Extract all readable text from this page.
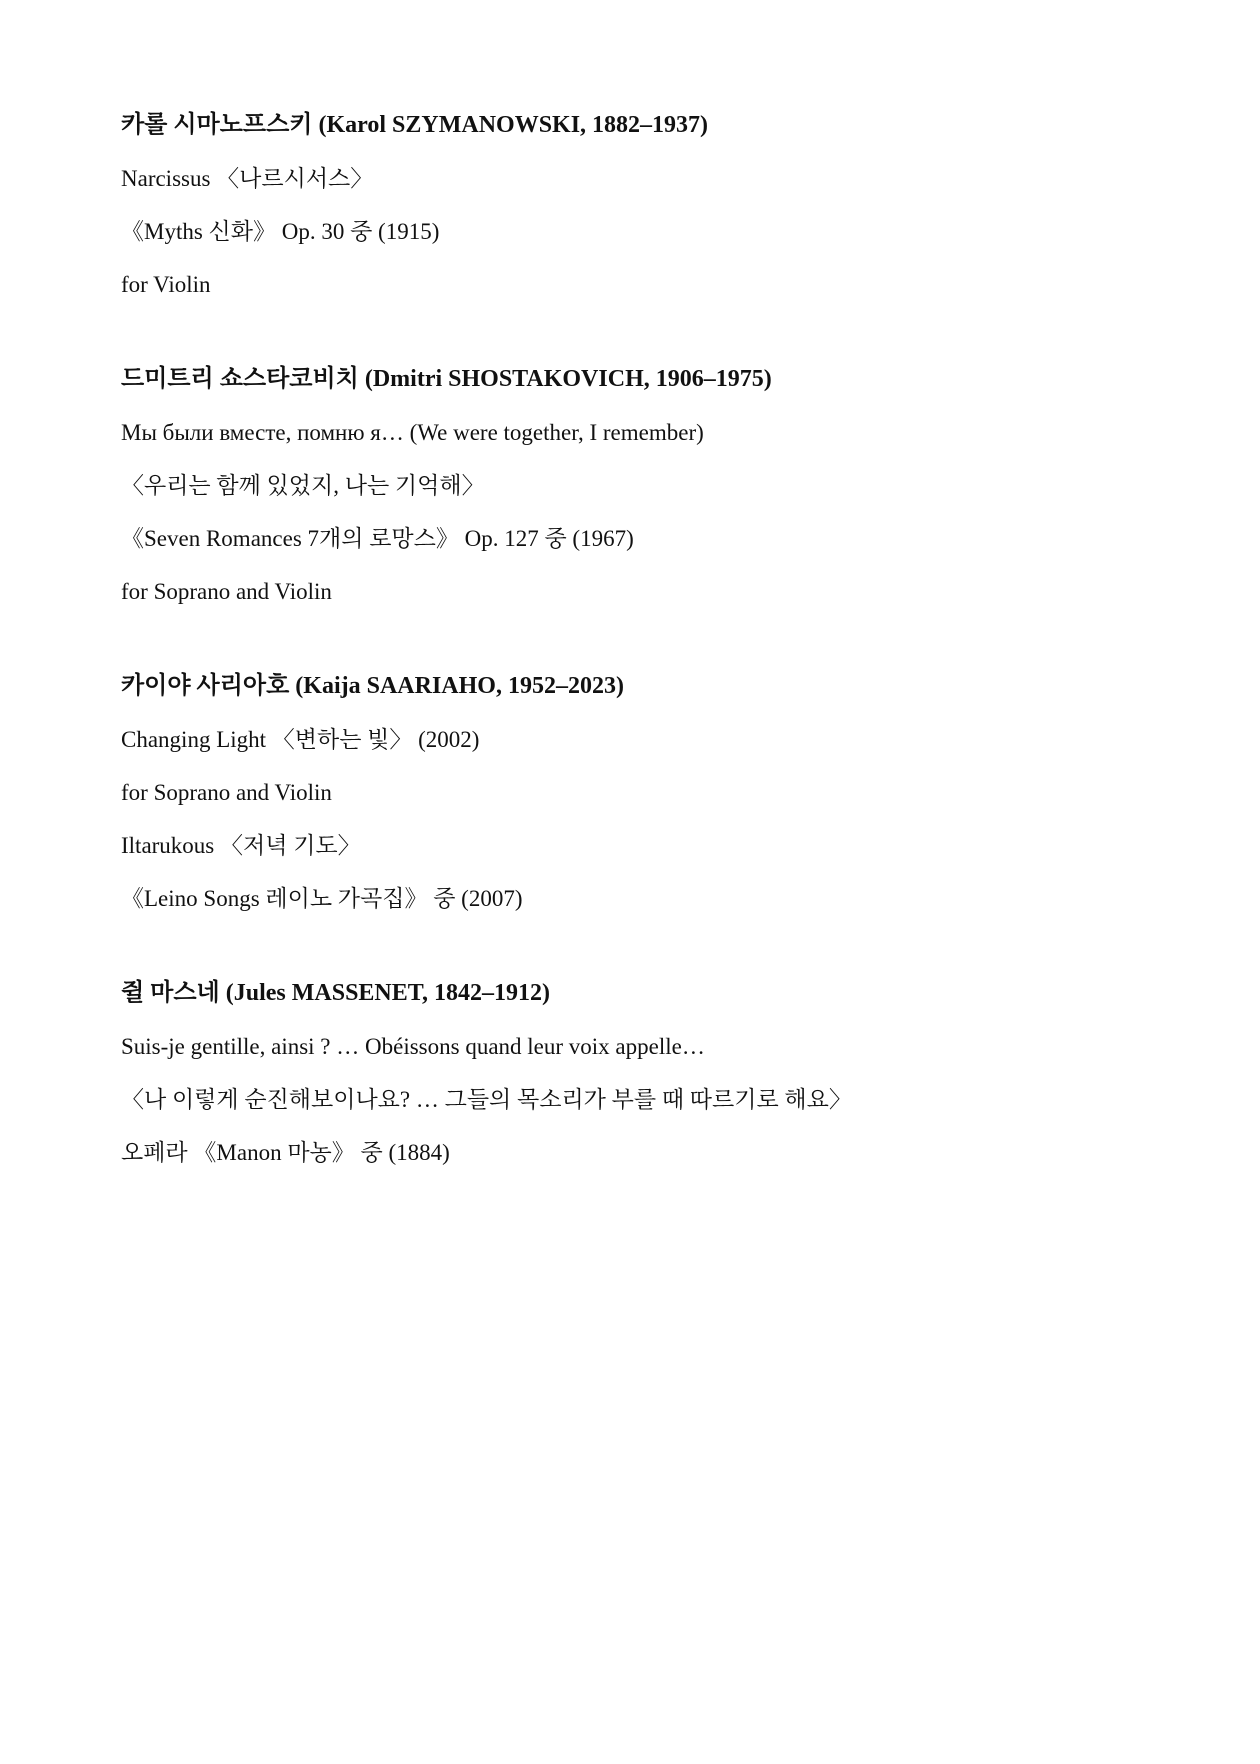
카롤 시마노프스키 (Karol SZYMANOWSKI, 1882–1937)
Narcissus 〈나르시서스〉
《Myths 신화》 Op. 30 중 (1915)
for Violin
드미트리 쇼스타코비치 (Dmitri SHOSTAKOVICH, 1906–1975)
Мы были вместе, помню я… (We were together, I remember)
〈우리는 함께 있었지, 나는 기억해〉
《Seven Romances 7개의 로망스》 Op. 127 중 (1967)
for Soprano and Violin
카이야 사리아호 (Kaija SAARIAHO, 1952–2023)
Changing Light 〈변하는 빛〉 (2002)
for Soprano and Violin
Iltarukous 〈저녁 기도〉
《Leino Songs 레이노 가곡집》 중 (2007)
쥘 마스네 (Jules MASSENET, 1842–1912)
Suis-je gentille, ainsi ? … Obéissons quand leur voix appelle…
〈나 이렇게 순진해보이나요? … 그들의 목소리가 부를 때 따르기로 해요〉
오페라 《Manon 마농》 중 (1884)
